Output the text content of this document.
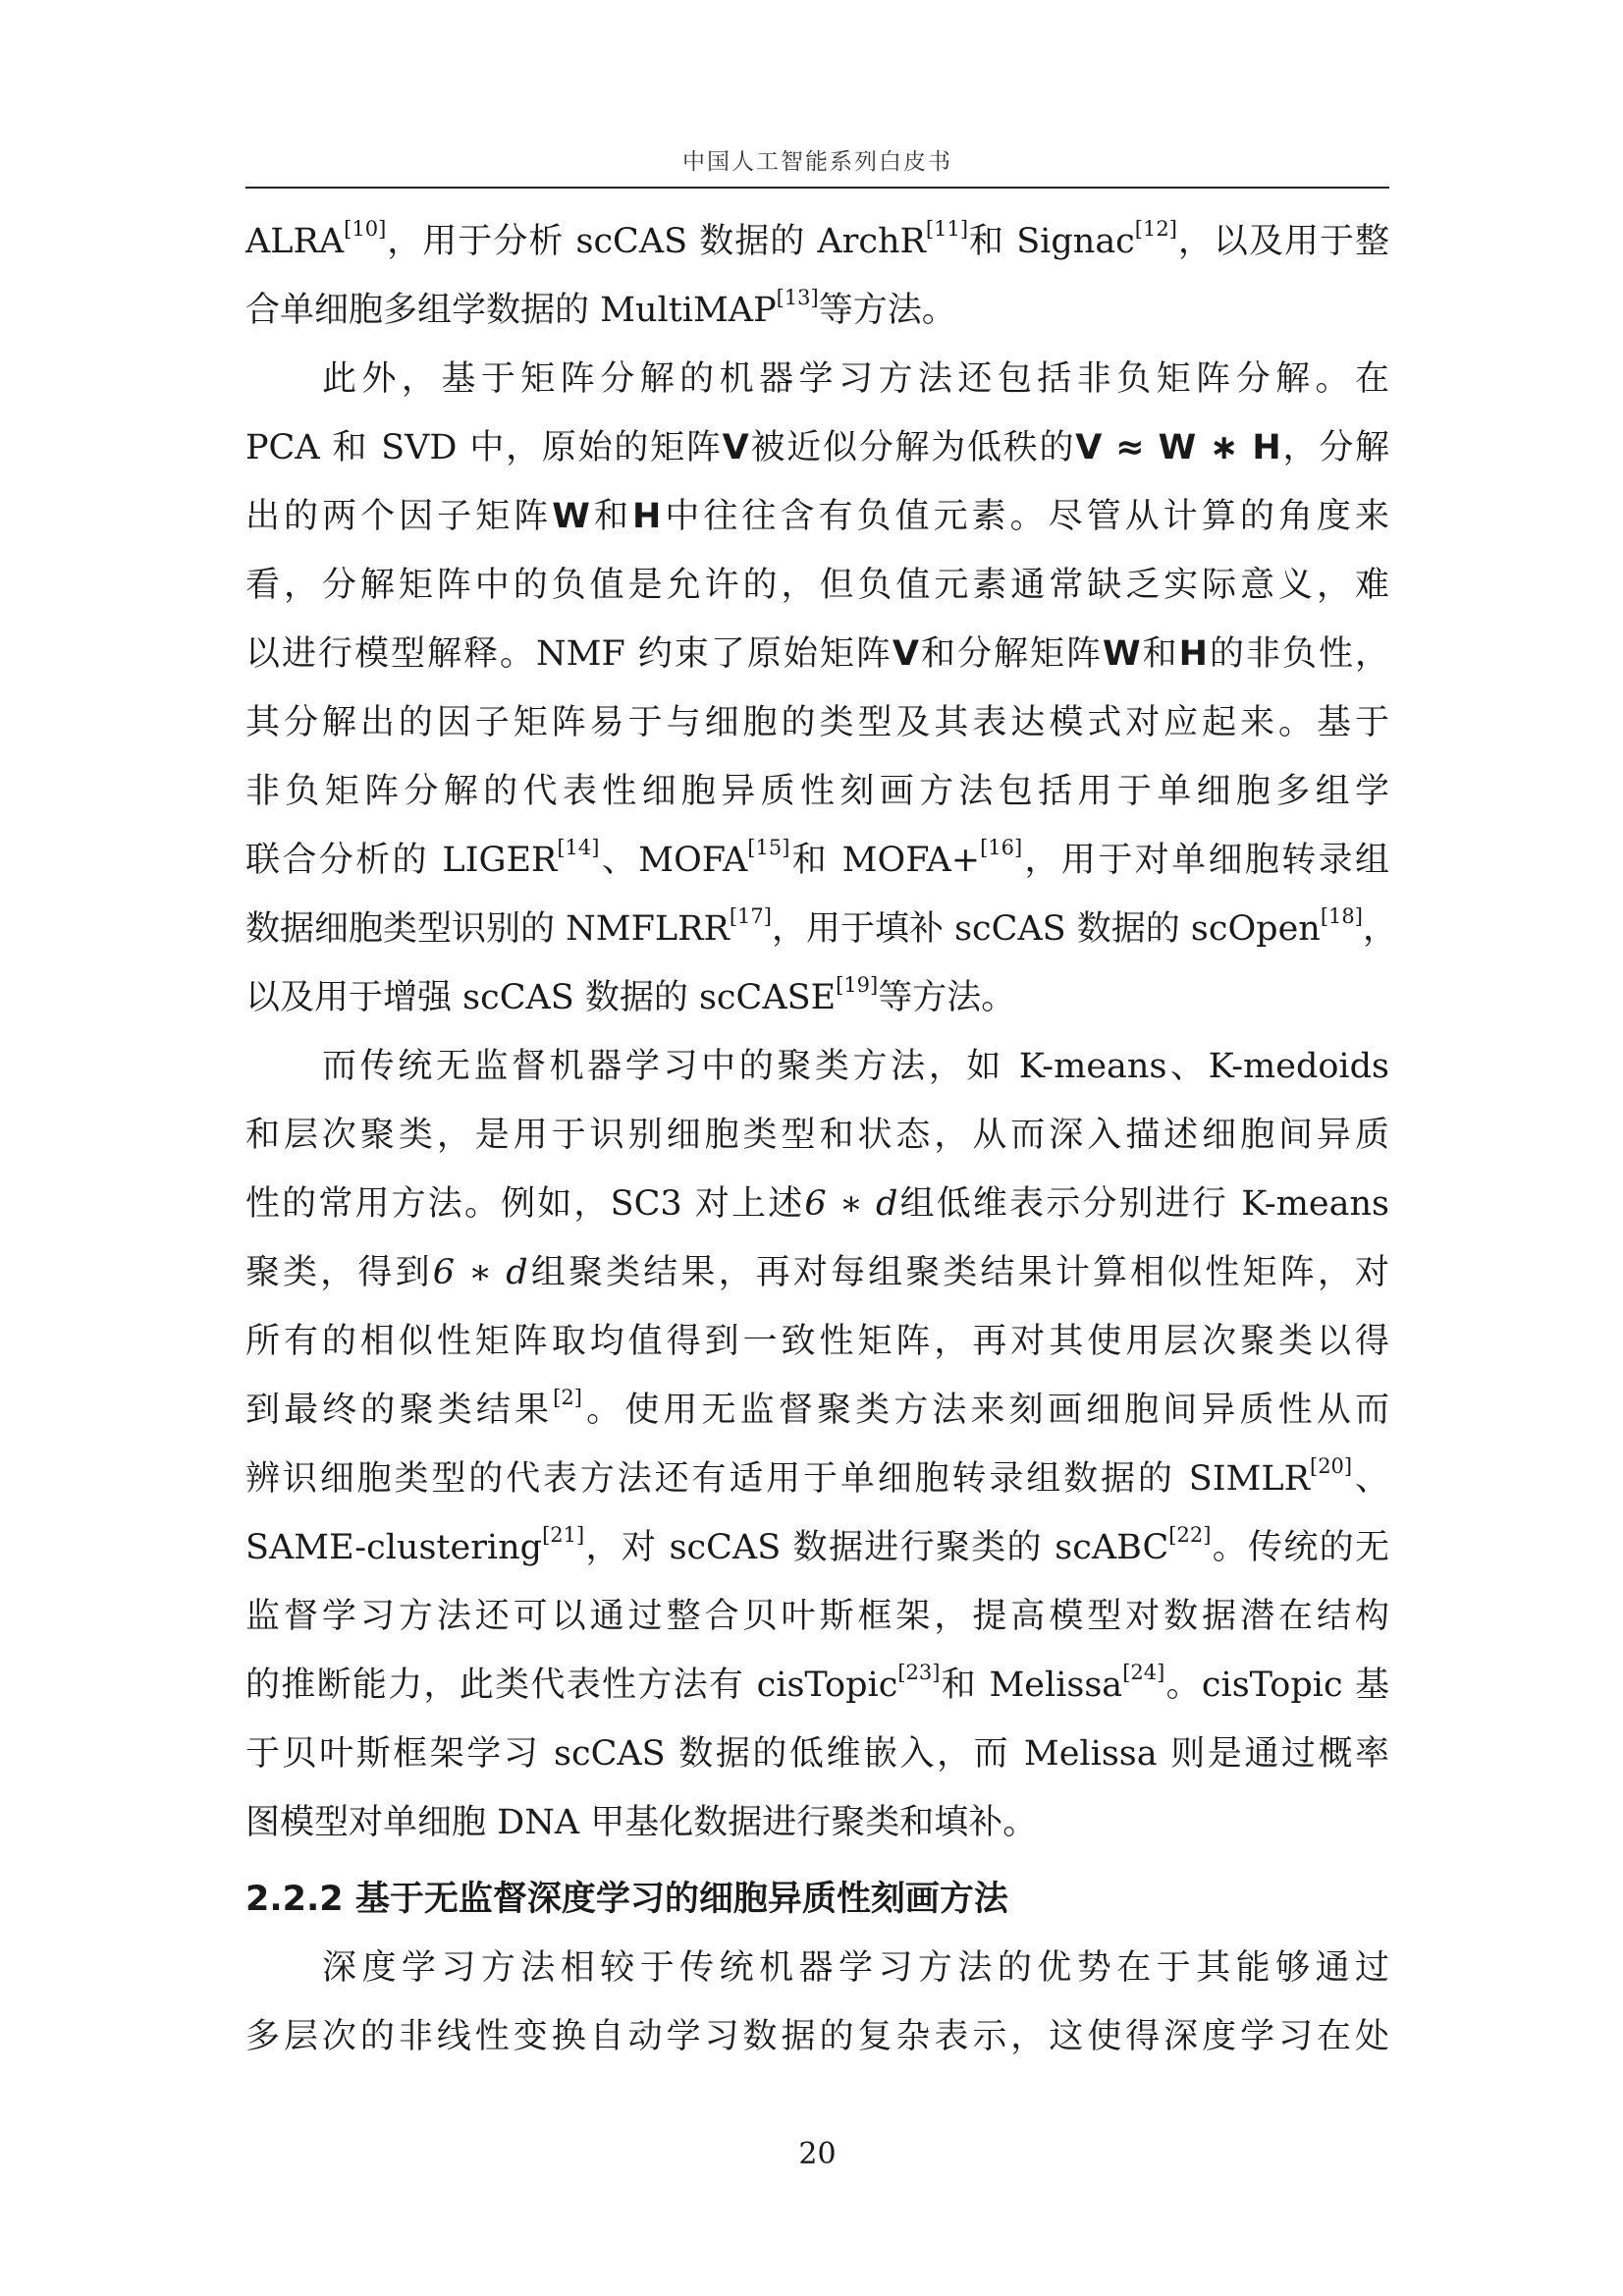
中国人工智能系列白皮书
ALRA[10]，用于分析 scCAS 数据的 ArchR[11]和 Signac[12]，以及用于整
合单细胞多组学数据的 MultiMAP[13]等方法。
此外，基于矩阵分解的机器学习方法还包括非负矩阵分解。在
PCA 和 SVD 中，原始的矩阵V被近似分解为低秩的V ≈ W ∗ H，分解
出的两个因子矩阵W和H中往往含有负值元素。尽管从计算的角度来
看，分解矩阵中的负值是允许的，但负值元素通常缺乏实际意义，难
以进行模型解释。NMF 约束了原始矩阵V和分解矩阵W和H的非负性，
其分解出的因子矩阵易于与细胞的类型及其表达模式对应起来。基于
非负矩阵分解的代表性细胞异质性刻画方法包括用于单细胞多组学
联合分析的 LIGER[14]、MOFA[15]和 MOFA+[16]，用于对单细胞转录组
数据细胞类型识别的 NMFLRR[17]，用于填补 scCAS 数据的 scOpen[18]，
以及用于增强 scCAS 数据的 scCASE[19]等方法。
而传统无监督机器学习中的聚类方法，如 K-means、K-medoids
和层次聚类，是用于识别细胞类型和状态，从而深入描述细胞间异质
性的常用方法。例如，SC3 对上述6 ∗ d组低维表示分别进行 K-means
聚类，得到6 ∗ d组聚类结果，再对每组聚类结果计算相似性矩阵，对
所有的相似性矩阵取均值得到一致性矩阵，再对其使用层次聚类以得
到最终的聚类结果[2]。使用无监督聚类方法来刻画细胞间异质性从而
辨识细胞类型的代表方法还有适用于单细胞转录组数据的 SIMLR[20]、
SAME-clustering[21]，对 scCAS 数据进行聚类的 scABC[22]。传统的无
监督学习方法还可以通过整合贝叶斯框架，提高模型对数据潜在结构
的推断能力，此类代表性方法有 cisTopic[23]和 Melissa[24]。cisTopic 基
于贝叶斯框架学习 scCAS 数据的低维嵌入，而 Melissa 则是通过概率
图模型对单细胞 DNA 甲基化数据进行聚类和填补。
2.2.2 基于无监督深度学习的细胞异质性刻画方法
深度学习方法相较于传统机器学习方法的优势在于其能够通过
多层次的非线性变换自动学习数据的复杂表示，这使得深度学习在处
20
